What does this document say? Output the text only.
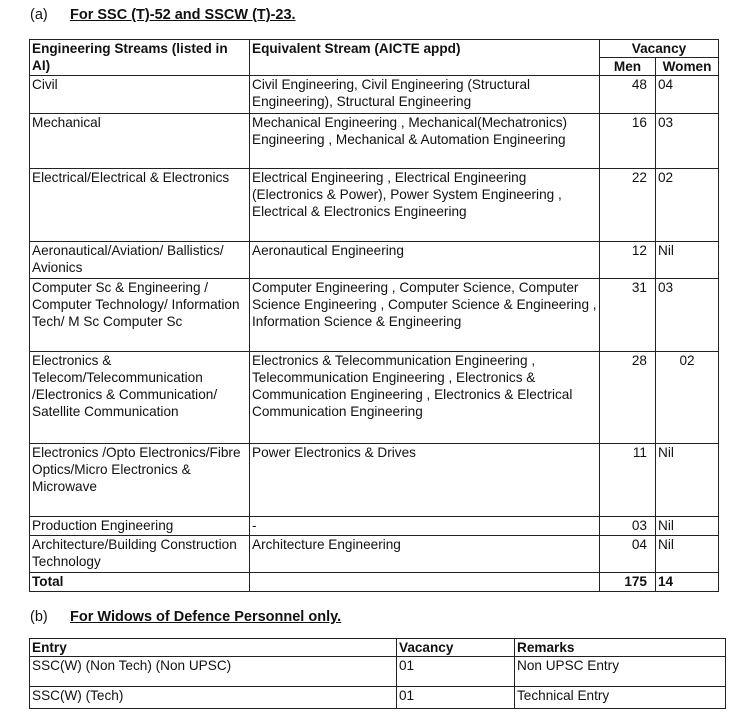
(a) For SSC (T)-52 and SSCW (T)-23.
Engineering Streams (listed in AI)	Equivalent Stream (AICTE appd)	Vacancy	
		Men	Women
Civil	Civil Engineering, Civil Engineering (Structural Engineering), Structural Engineering	48	04
Mechanical	Mechanical Engineering , Mechanical(Mechatronics) Engineering , Mechanical & Automation Engineering	16	03
Electrical/Electrical & Electronics	Electrical Engineering , Electrical Engineering (Electronics & Power), Power System Engineering , Electrical & Electronics Engineering	22	02
Aeronautical/Aviation/ Ballistics/ Avionics	Aeronautical Engineering	12	Nil
Computer Sc & Engineering / Computer Technology/ Information Tech/ M Sc Computer Sc	Computer Engineering , Computer Science, Computer Science Engineering , Computer Science & Engineering , Information Science & Engineering	31	03
Electronics & Telecom/Telecommunication /Electronics & Communication/ Satellite Communication	Electronics & Telecommunication Engineering , Telecommunication Engineering , Electronics & Communication Engineering , Electronics & Electrical Communication Engineering	28	02
Electronics /Opto Electronics/Fibre Optics/Micro Electronics & Microwave	Power Electronics & Drives	11	Nil
Production Engineering	-	03	Nil
Architecture/Building Construction Technology	Architecture Engineering	04	Nil
Total		175	14
(b) For Widows of Defence Personnel only.
Entry	Vacancy	Remarks
SSC(W) (Non Tech) (Non UPSC)	01	Non UPSC Entry
SSC(W) (Tech)	01	Technical Entry
